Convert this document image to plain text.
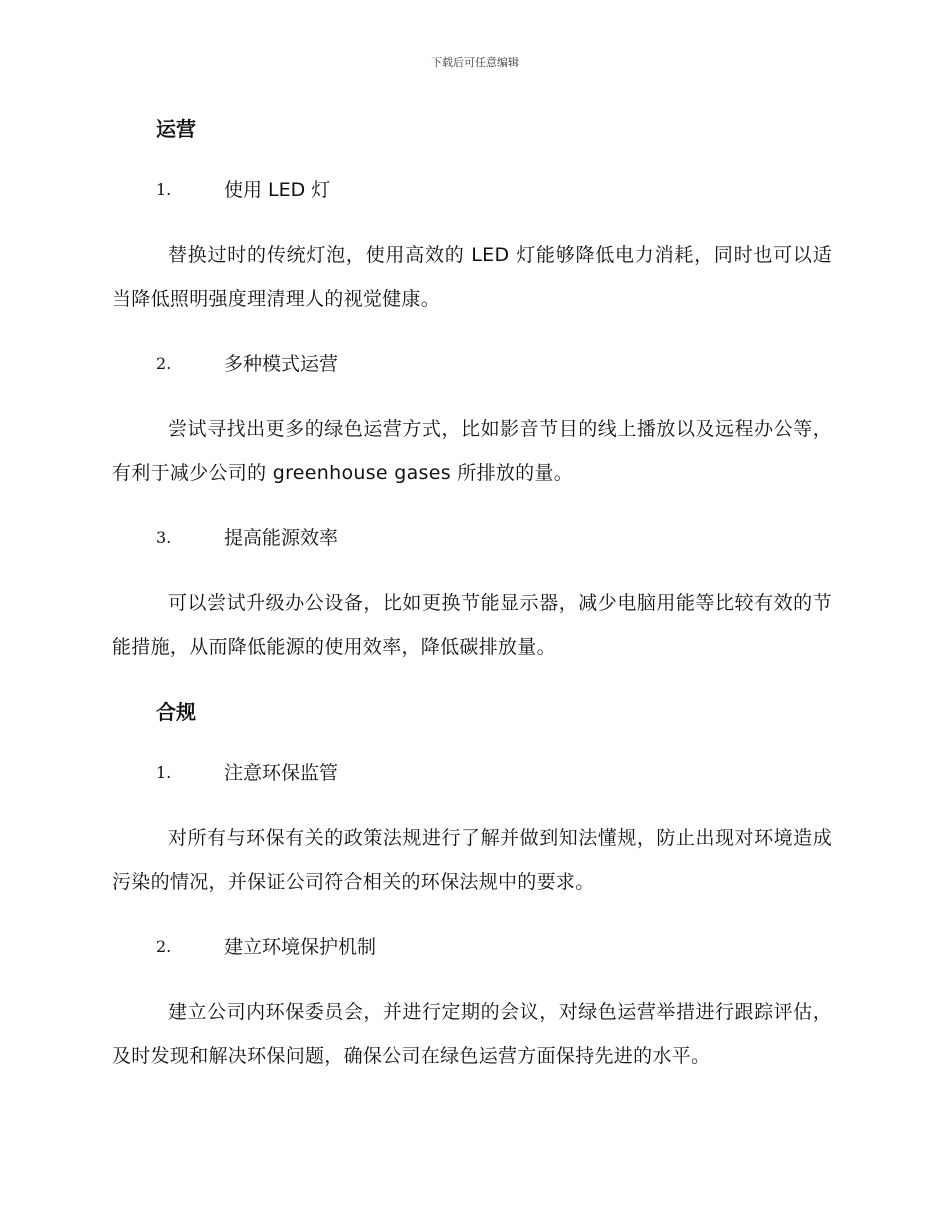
下载后可任意编辑
运营
1.	使用 LED 灯

替换过时的传统灯泡，使用高效的 LED 灯能够降低电力消耗，同时也可以适当降低照明强度理清理人的视觉健康。

2.	多种模式运营

尝试寻找出更多的绿色运营方式，比如影音节目的线上播放以及远程办公等，有利于减少公司的 greenhouse gases 所排放的量。

3.	提高能源效率

可以尝试升级办公设备，比如更换节能显示器，减少电脑用能等比较有效的节能措施，从而降低能源的使用效率，降低碳排放量。

合规
1.	注意环保监管

对所有与环保有关的政策法规进行了解并做到知法懂规，防止出现对环境造成污染的情况，并保证公司符合相关的环保法规中的要求。

2.	建立环境保护机制

建立公司内环保委员会，并进行定期的会议，对绿色运营举措进行跟踪评估，及时发现和解决环保问题，确保公司在绿色运营方面保持先进的水平。
